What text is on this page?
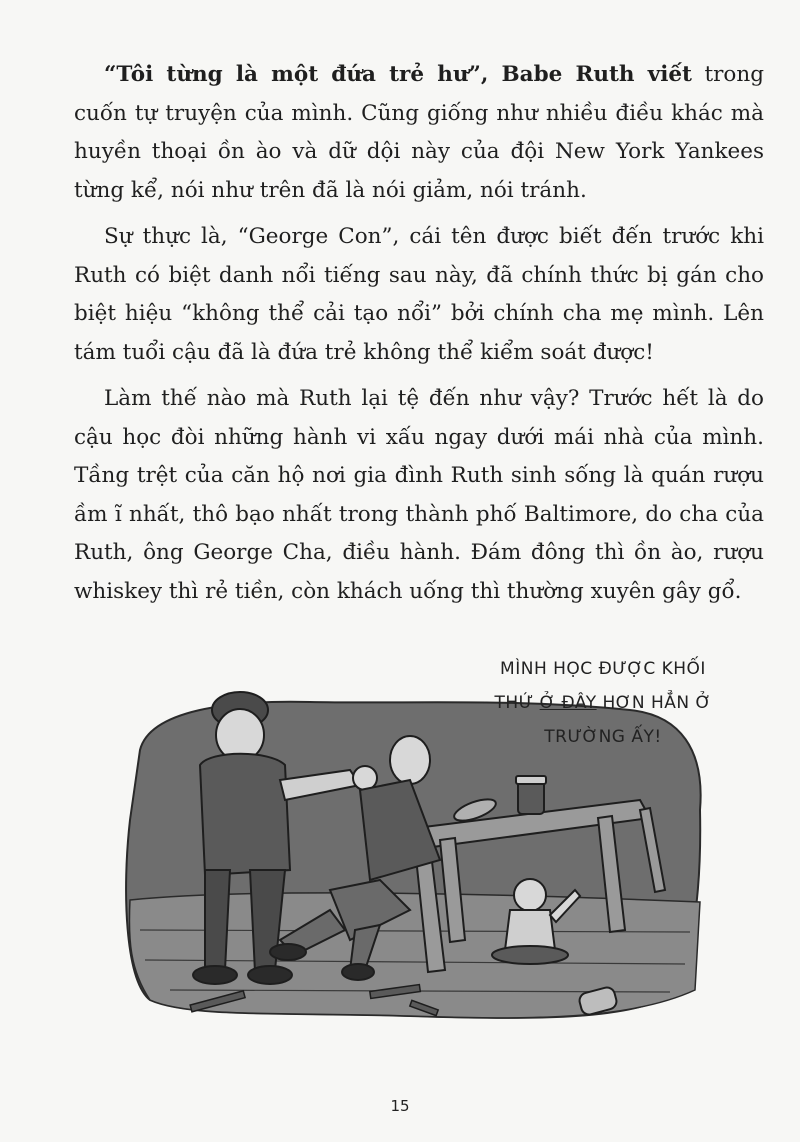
“Tôi từng là một đứa trẻ hư”, Babe Ruth viết trong cuốn tự truyện của mình. Cũng giống như nhiều điều khác mà huyền thoại ồn ào và dữ dội này của đội New York Yankees từng kể, nói như trên đã là nói giảm, nói tránh.

Sự thực là, “George Con”, cái tên được biết đến trước khi Ruth có biệt danh nổi tiếng sau này, đã chính thức bị gán cho biệt hiệu “không thể cải tạo nổi” bởi chính cha mẹ mình. Lên tám tuổi cậu đã là đứa trẻ không thể kiểm soát được!

Làm thế nào mà Ruth lại tệ đến như vậy? Trước hết là do cậu học đòi những hành vi xấu ngay dưới mái nhà của mình. Tầng trệt của căn hộ nơi gia đình Ruth sinh sống là quán rượu ầm ĩ nhất, thô bạo nhất trong thành phố Baltimore, do cha của Ruth, ông George Cha, điều hành. Đám đông thì ồn ào, rượu whiskey thì rẻ tiền, còn khách uống thì thường xuyên gây gổ.

MÌNH HỌC ĐƯỢC KHỐI
THỨ Ở ĐÂY HƠN HẲN Ở
TRƯỜNG ẤY!
15
